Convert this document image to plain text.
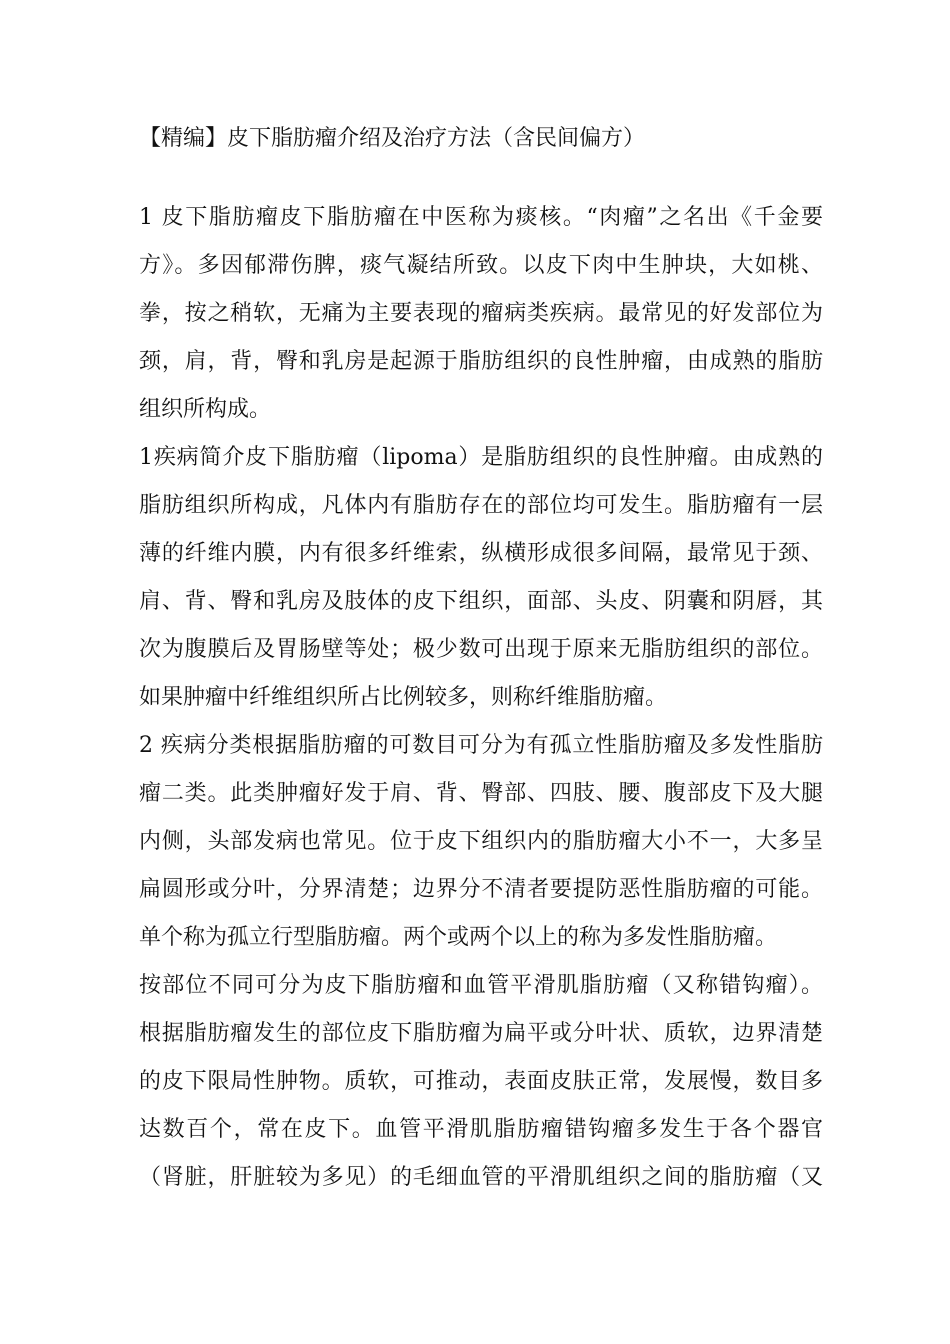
【精编】皮下脂肪瘤介绍及治疗方法（含民间偏方）
1 皮下脂肪瘤皮下脂肪瘤在中医称为痰核。“肉瘤”之名出《千金要
方》。多因郁滞伤脾，痰气凝结所致。以皮下肉中生肿块，大如桃、
拳，按之稍软，无痛为主要表现的瘤病类疾病。最常见的好发部位为
颈，肩，背，臀和乳房是起源于脂肪组织的良性肿瘤，由成熟的脂肪
组织所构成。
1疾病简介皮下脂肪瘤（lipoma）是脂肪组织的良性肿瘤。由成熟的
脂肪组织所构成，凡体内有脂肪存在的部位均可发生。脂肪瘤有一层
薄的纤维内膜，内有很多纤维索，纵横形成很多间隔，最常见于颈、
肩、背、臀和乳房及肢体的皮下组织，面部、头皮、阴囊和阴唇，其
次为腹膜后及胃肠壁等处；极少数可出现于原来无脂肪组织的部位。
如果肿瘤中纤维组织所占比例较多，则称纤维脂肪瘤。
2 疾病分类根据脂肪瘤的可数目可分为有孤立性脂肪瘤及多发性脂肪
瘤二类。此类肿瘤好发于肩、背、臀部、四肢、腰、腹部皮下及大腿
内侧，头部发病也常见。位于皮下组织内的脂肪瘤大小不一，大多呈
扁圆形或分叶，分界清楚；边界分不清者要提防恶性脂肪瘤的可能。
单个称为孤立行型脂肪瘤。两个或两个以上的称为多发性脂肪瘤。
按部位不同可分为皮下脂肪瘤和血管平滑肌脂肪瘤（又称错钩瘤）。
根据脂肪瘤发生的部位皮下脂肪瘤为扁平或分叶状、质软，边界清楚
的皮下限局性肿物。质软，可推动，表面皮肤正常，发展慢，数目多
达数百个，常在皮下。血管平滑肌脂肪瘤错钩瘤多发生于各个器官
（肾脏，肝脏较为多见）的毛细血管的平滑肌组织之间的脂肪瘤（又
